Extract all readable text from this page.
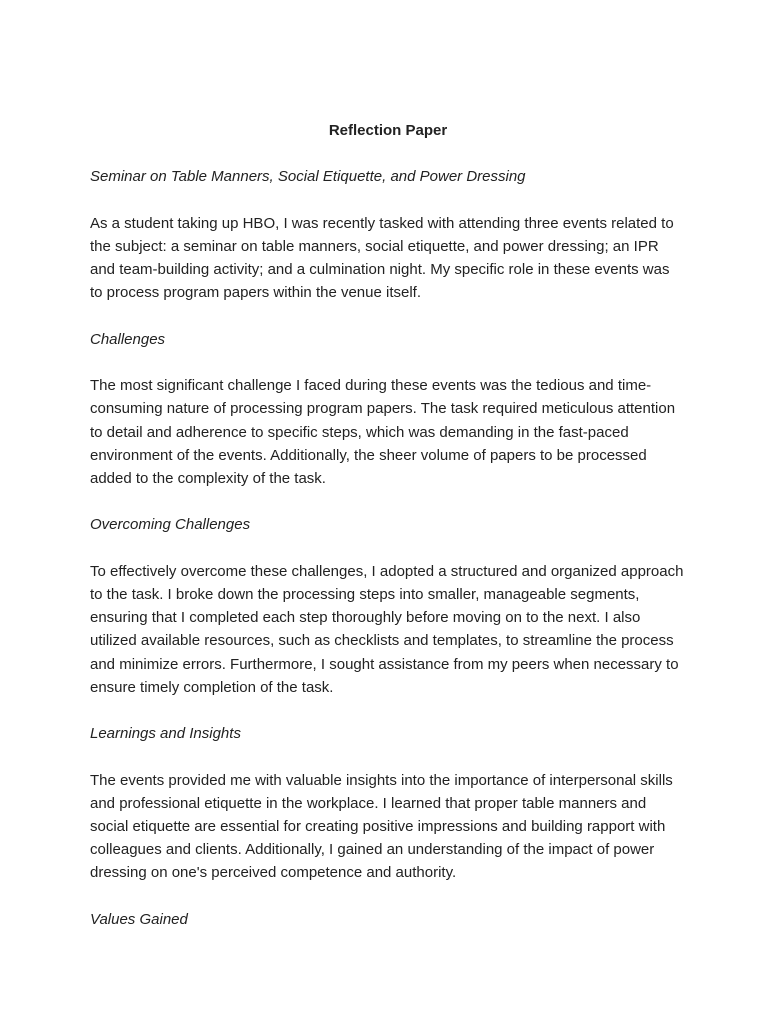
Reflection Paper

Seminar on Table Manners, Social Etiquette, and Power Dressing

As a student taking up HBO, I was recently tasked with attending three events related to the subject: a seminar on table manners, social etiquette, and power dressing; an IPR and team-building activity; and a culmination night. My specific role in these events was to process program papers within the venue itself.

Challenges

The most significant challenge I faced during these events was the tedious and time-consuming nature of processing program papers. The task required meticulous attention to detail and adherence to specific steps, which was demanding in the fast-paced environment of the events. Additionally, the sheer volume of papers to be processed added to the complexity of the task.

Overcoming Challenges

To effectively overcome these challenges, I adopted a structured and organized approach to the task. I broke down the processing steps into smaller, manageable segments, ensuring that I completed each step thoroughly before moving on to the next. I also utilized available resources, such as checklists and templates, to streamline the process and minimize errors. Furthermore, I sought assistance from my peers when necessary to ensure timely completion of the task.

Learnings and Insights

The events provided me with valuable insights into the importance of interpersonal skills and professional etiquette in the workplace. I learned that proper table manners and social etiquette are essential for creating positive impressions and building rapport with colleagues and clients. Additionally, I gained an understanding of the impact of power dressing on one's perceived competence and authority.

Values Gained
